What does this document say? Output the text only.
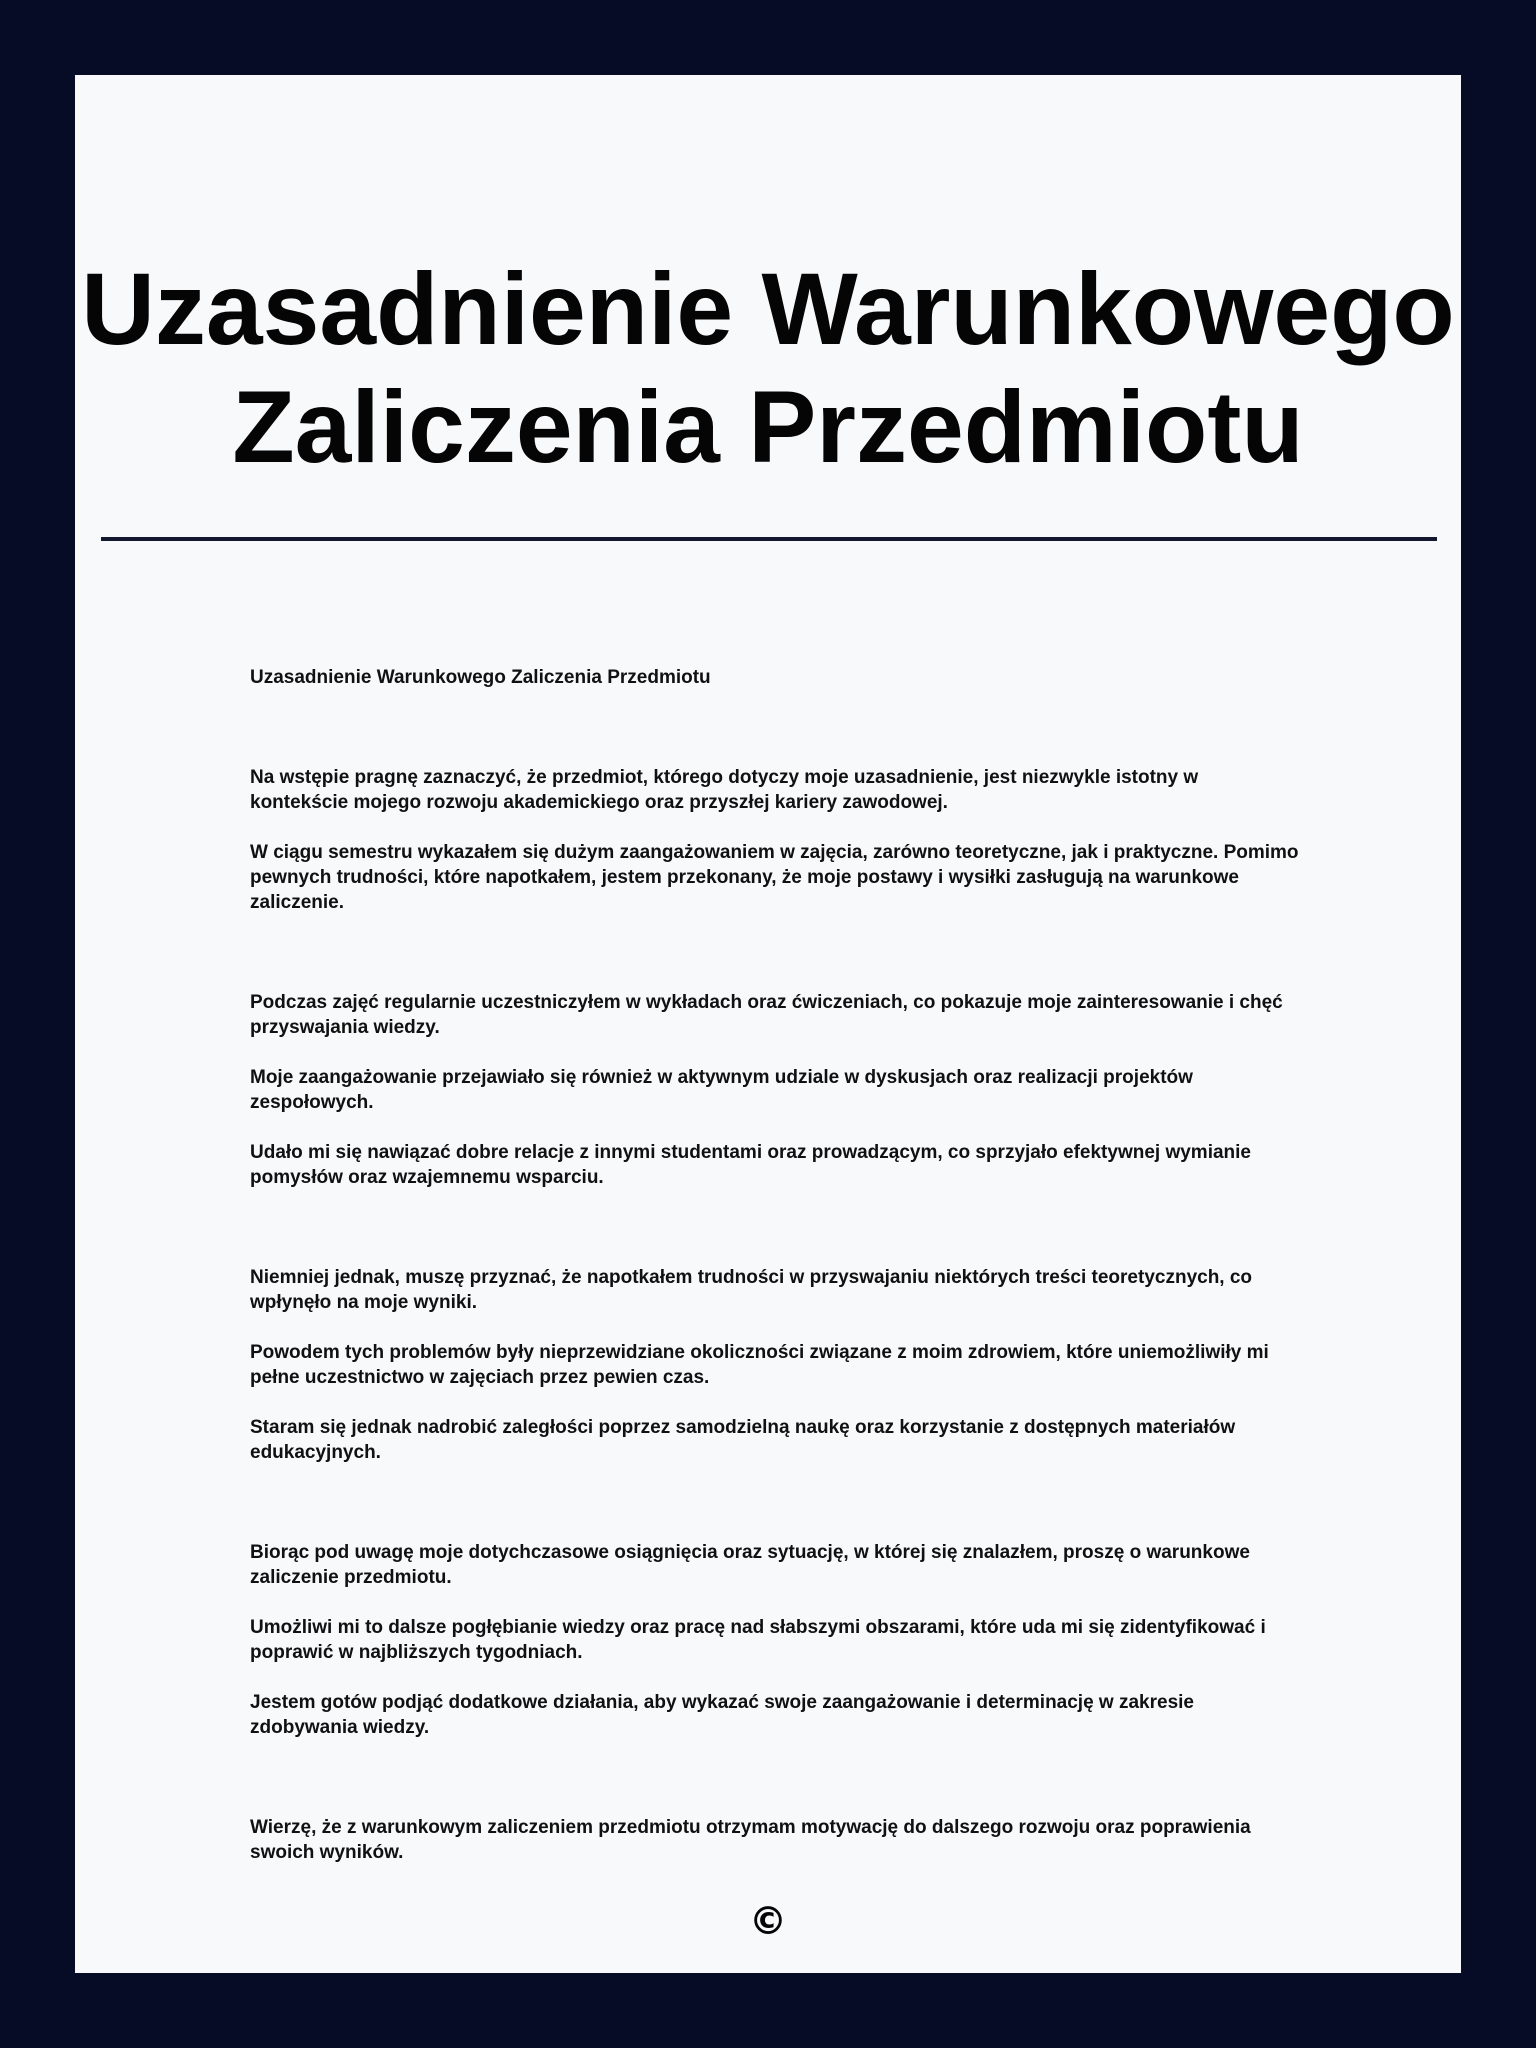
Uzasadnienie Warunkowego Zaliczenia Przedmiotu

Uzasadnienie Warunkowego Zaliczenia Przedmiotu

Na wstępie pragnę zaznaczyć, że przedmiot, którego dotyczy moje uzasadnienie, jest niezwykle istotny w kontekście mojego rozwoju akademickiego oraz przyszłej kariery zawodowej.

W ciągu semestru wykazałem się dużym zaangażowaniem w zajęcia, zarówno teoretyczne, jak i praktyczne. Pomimo pewnych trudności, które napotkałem, jestem przekonany, że moje postawy i wysiłki zasługują na warunkowe zaliczenie.

Podczas zajęć regularnie uczestniczyłem w wykładach oraz ćwiczeniach, co pokazuje moje zainteresowanie i chęć przyswajania wiedzy.

Moje zaangażowanie przejawiało się również w aktywnym udziale w dyskusjach oraz realizacji projektów zespołowych.

Udało mi się nawiązać dobre relacje z innymi studentami oraz prowadzącym, co sprzyjało efektywnej wymianie pomysłów oraz wzajemnemu wsparciu.

Niemniej jednak, muszę przyznać, że napotkałem trudności w przyswajaniu niektórych treści teoretycznych, co wpłynęło na moje wyniki.

Powodem tych problemów były nieprzewidziane okoliczności związane z moim zdrowiem, które uniemożliwiły mi pełne uczestnictwo w zajęciach przez pewien czas.

Staram się jednak nadrobić zaległości poprzez samodzielną naukę oraz korzystanie z dostępnych materiałów edukacyjnych.

Biorąc pod uwagę moje dotychczasowe osiągnięcia oraz sytuację, w której się znalazłem, proszę o warunkowe zaliczenie przedmiotu.

Umożliwi mi to dalsze pogłębianie wiedzy oraz pracę nad słabszymi obszarami, które uda mi się zidentyfikować i poprawić w najbliższych tygodniach.

Jestem gotów podjąć dodatkowe działania, aby wykazać swoje zaangażowanie i determinację w zakresie zdobywania wiedzy.

Wierzę, że z warunkowym zaliczeniem przedmiotu otrzymam motywację do dalszego rozwoju oraz poprawienia swoich wyników.

©
